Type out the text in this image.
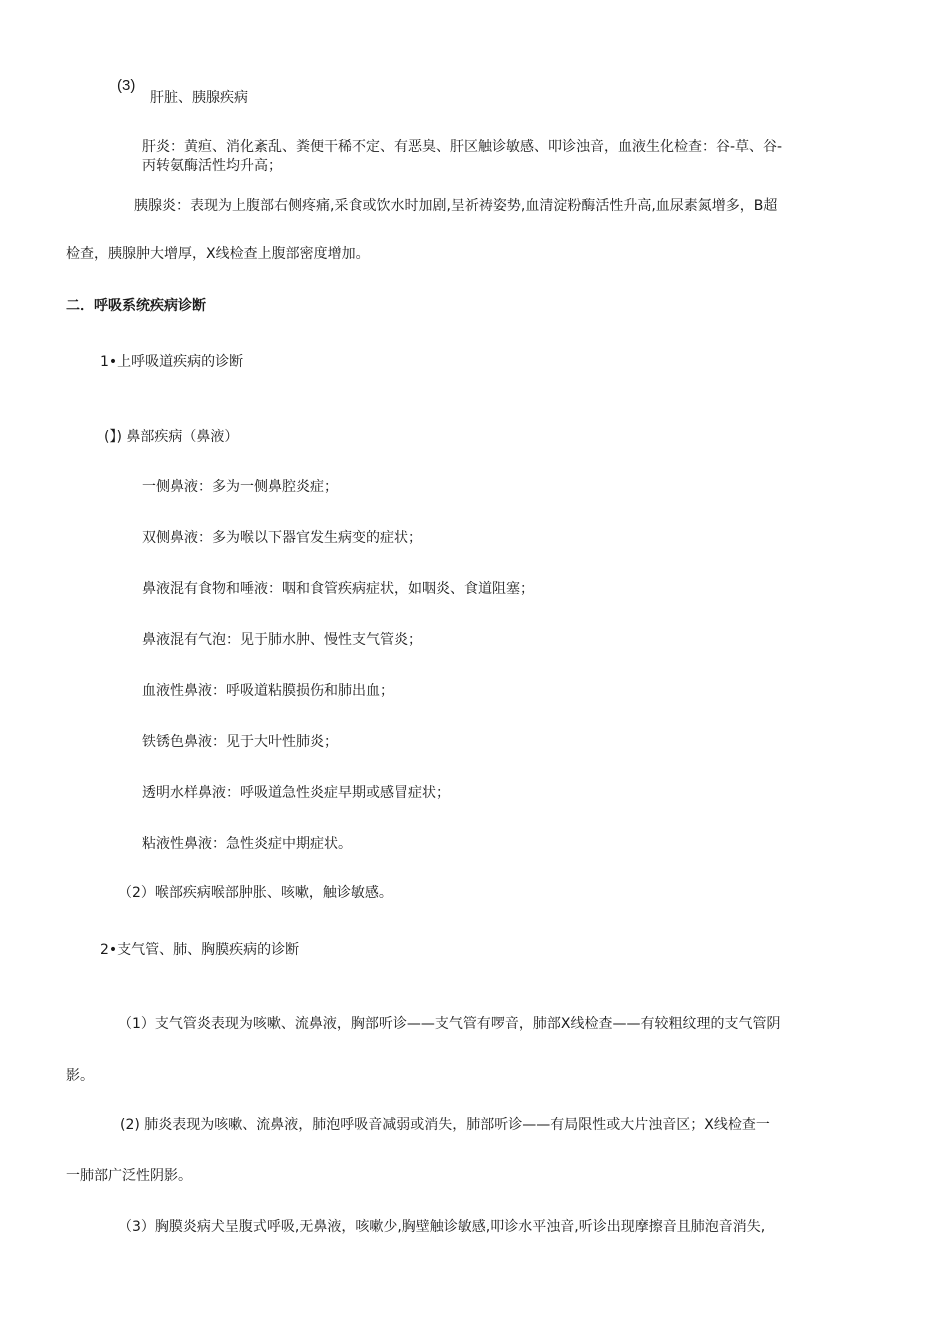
(3)
肝脏、胰腺疾病
肝炎：黄疸、消化紊乱、粪便干稀不定、有恶臭、肝区触诊敏感、叩诊浊音，血液生化检查：谷-草、谷-
丙转氨酶活性均升高；
胰腺炎：表现为上腹部右侧疼痛,采食或饮水时加剧,呈祈祷姿势,血清淀粉酶活性升高,血尿素氮增多，B超
检查，胰腺肿大增厚，X线检查上腹部密度增加。
二．呼吸系统疾病诊断
1•上呼吸道疾病的诊断
(】) 鼻部疾病（鼻液）
一侧鼻液：多为一侧鼻腔炎症；
双侧鼻液：多为喉以下器官发生病变的症状；
鼻液混有食物和唾液：咽和食管疾病症状，如咽炎、食道阻塞；
鼻液混有气泡：见于肺水肿、慢性支气管炎；
血液性鼻液：呼吸道粘膜损伤和肺出血；
铁锈色鼻液：见于大叶性肺炎；
透明水样鼻液：呼吸道急性炎症早期或感冒症状；
粘液性鼻液：急性炎症中期症状。
（2）喉部疾病喉部肿胀、咳嗽，触诊敏感。
2•支气管、肺、胸膜疾病的诊断
（1）支气管炎表现为咳嗽、流鼻液，胸部听诊——支气管有啰音，肺部X线检查——有较粗纹理的支气管阴
影。
(2) 肺炎表现为咳嗽、流鼻液，肺泡呼吸音减弱或消失，肺部听诊——有局限性或大片浊音区；X线检查一
一肺部广泛性阴影。
（3）胸膜炎病犬呈腹式呼吸,无鼻液，咳嗽少,胸壁触诊敏感,叩诊水平浊音,听诊出现摩擦音且肺泡音消失,
